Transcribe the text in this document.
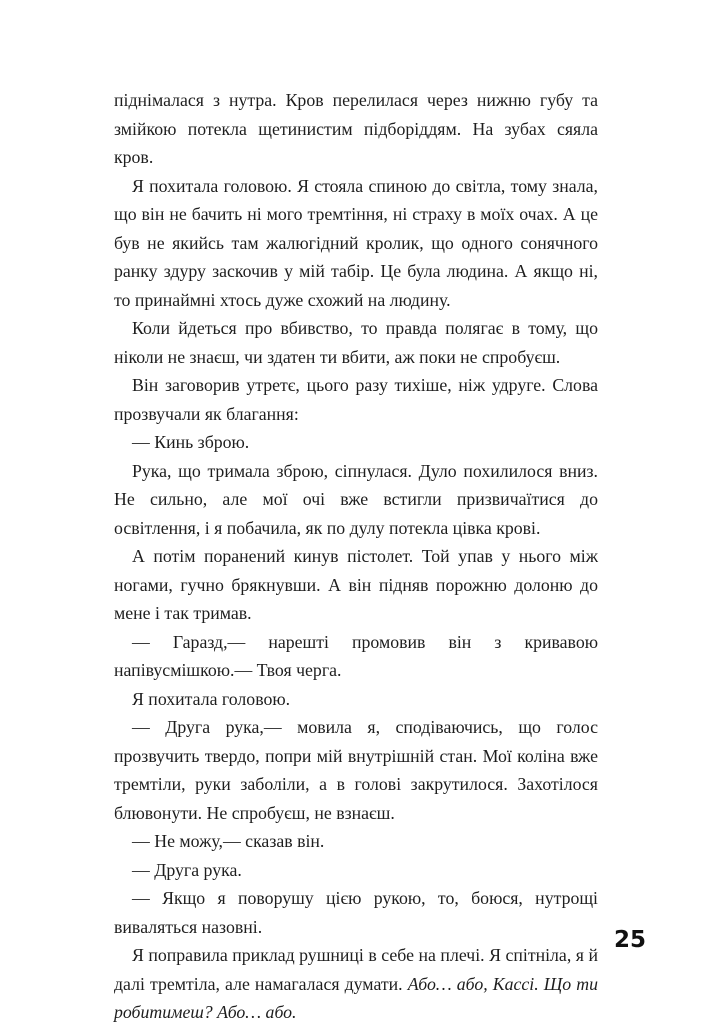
піднімалася з нутра. Кров перелилася через нижню губу та змійкою потекла щетинистим підборіддям. На зубах сяяла кров.

Я похитала головою. Я стояла спиною до світла, тому знала, що він не бачить ні мого тремтіння, ні страху в моїх очах. А це був не якийсь там жалюгідний кролик, що одного сонячного ранку здуру заскочив у мій табір. Це була людина. А якщо ні, то принаймні хтось дуже схожий на людину.

Коли йдеться про вбивство, то правда полягає в тому, що ніколи не знаєш, чи здатен ти вбити, аж поки не спробуєш.

Він заговорив утретє, цього разу тихіше, ніж удруге. Слова прозвучали як благання:

— Кинь зброю.

Рука, що тримала зброю, сіпнулася. Дуло похилилося вниз. Не сильно, але мої очі вже встигли призвичаїтися до освітлення, і я побачила, як по дулу потекла цівка крові.

А потім поранений кинув пістолет. Той упав у нього між ногами, гучно брякнувши. А він підняв порожню долоню до мене і так тримав.

— Гаразд,— нарешті промовив він з кривавою напівусмішкою.— Твоя черга.

Я похитала головою.

— Друга рука,— мовила я, сподіваючись, що голос прозвучить твердо, попри мій внутрішній стан. Мої коліна вже тремтіли, руки заболіли, а в голові закрутилося. Захотілося блювонути. Не спробуєш, не взнаєш.

— Не можу,— сказав він.

— Друга рука.

— Якщо я поворушу цією рукою, то, боюся, нутрощі вивaляться назовні.

Я поправила приклад рушниці в себе на плечі. Я спітніла, я й далі тремтіла, але намагалася думати. Або… або, Кассі. Що ти робитимеш? Або… або.

25
